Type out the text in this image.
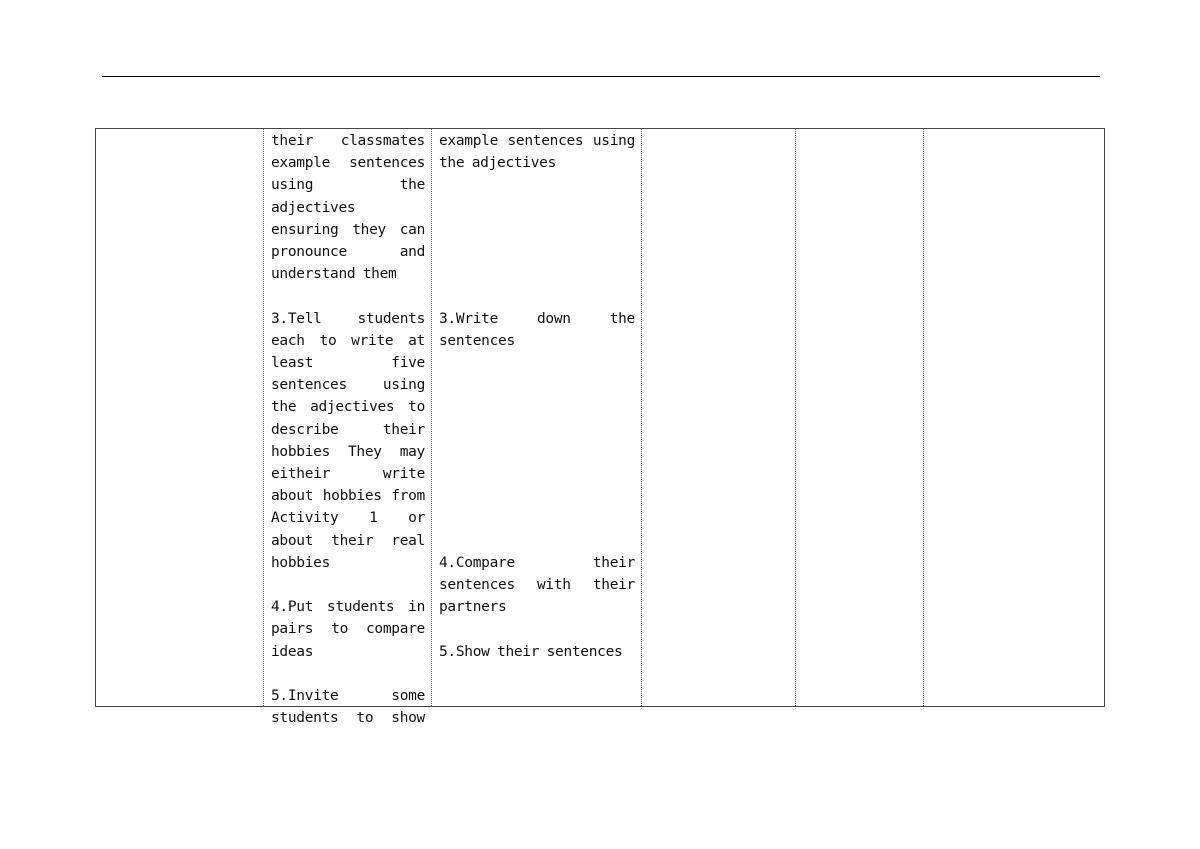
their classmates example sentences using the adjectives ensuring they can pronounce and understand them

3.Tell students each to write at least five sentences using the adjectives to describe their hobbies They may eitheir write about hobbies from Activity 1 or about their real hobbies

4.Put students in pairs to compare ideas

5.Invite some students to show

example sentences using the adjectives

3.Write down the sentences

4.Compare their sentences with their partners

5.Show their sentences
